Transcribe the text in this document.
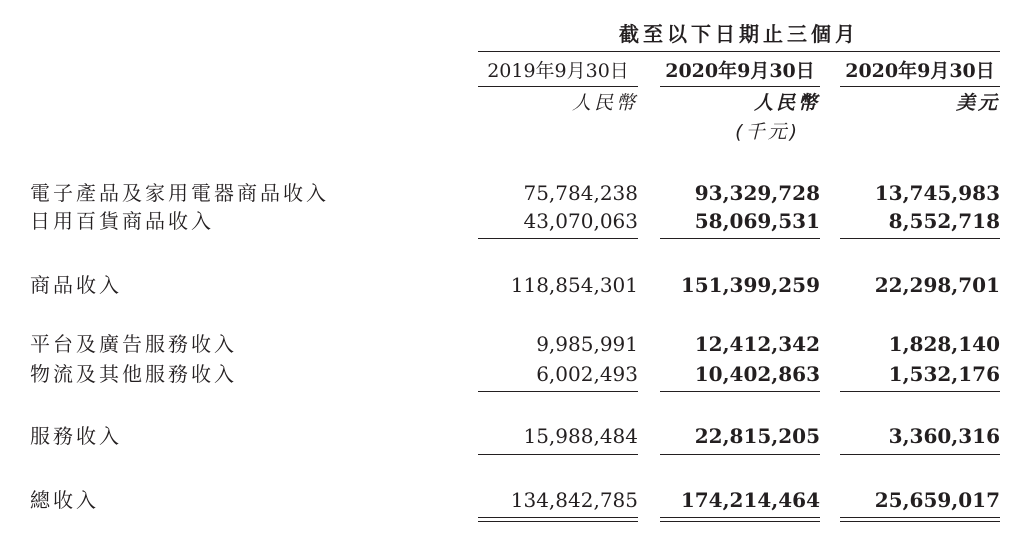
截至以下日期止三個月
2019年9月30日	2020年9月30日 2020年9月30日
人民幣	人民幣	美元
(千元)
電子產品及家用電器商品收入	75,784,238	93,329,728	13,745,983
日用百貨商品收入	43,070,063	58,069,531	8,552,718
商品收入	118,854,301	151,399,259	22,298,701
平台及廣告服務收入	9,985,991	12,412,342	1,828,140
物流及其他服務收入	6,002,493	10,402,863	1,532,176
服務收入	15,988,484	22,815,205	3,360,316
總收入	134,842,785	174,214,464	25,659,017
